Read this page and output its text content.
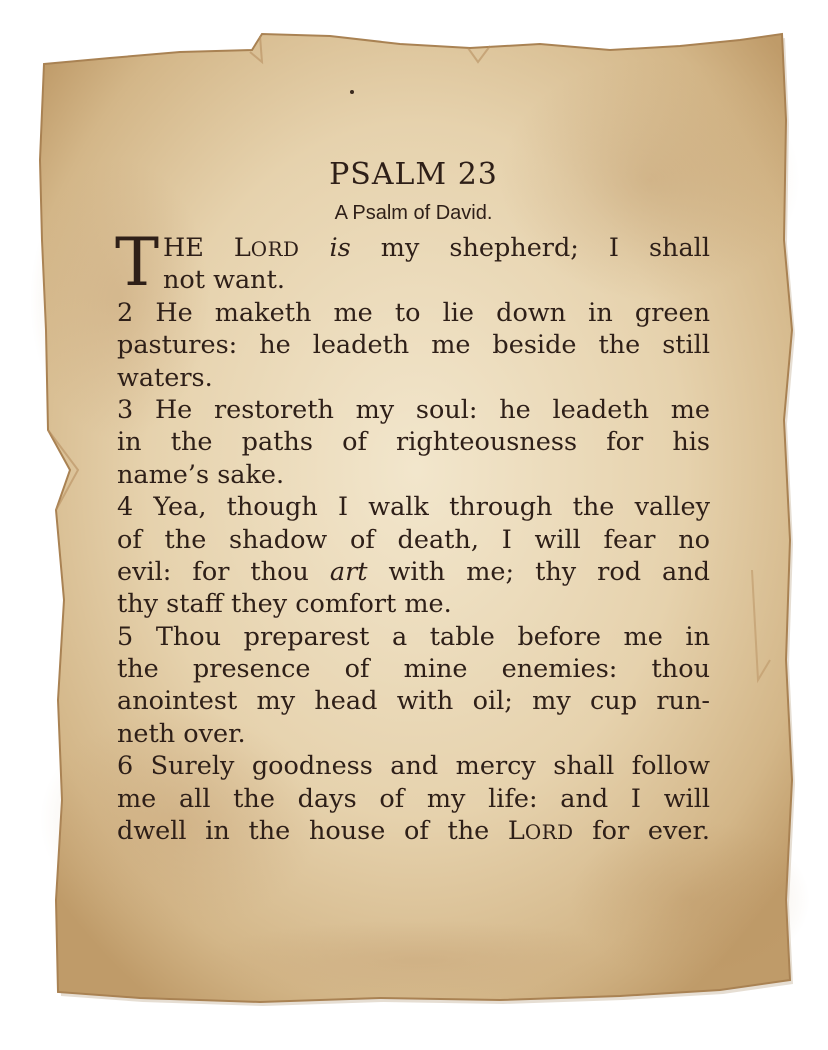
PSALM 23
A Psalm of David.
T HE LORD is my shepherd; I shall
not want.
2 He maketh me to lie down in green
pastures: he leadeth me beside the still
waters.
3 He restoreth my soul: he leadeth me
in the paths of righteousness for his
name’s sake.
4 Yea, though I walk through the valley
of the shadow of death, I will fear no
evil: for thou art with me; thy rod and
thy staff they comfort me.
5 Thou preparest a table before me in
the presence of mine enemies: thou
anointest my head with oil; my cup run-
neth over.
6 Surely goodness and mercy shall follow
me all the days of my life: and I will
dwell in the house of the LORD for ever.
